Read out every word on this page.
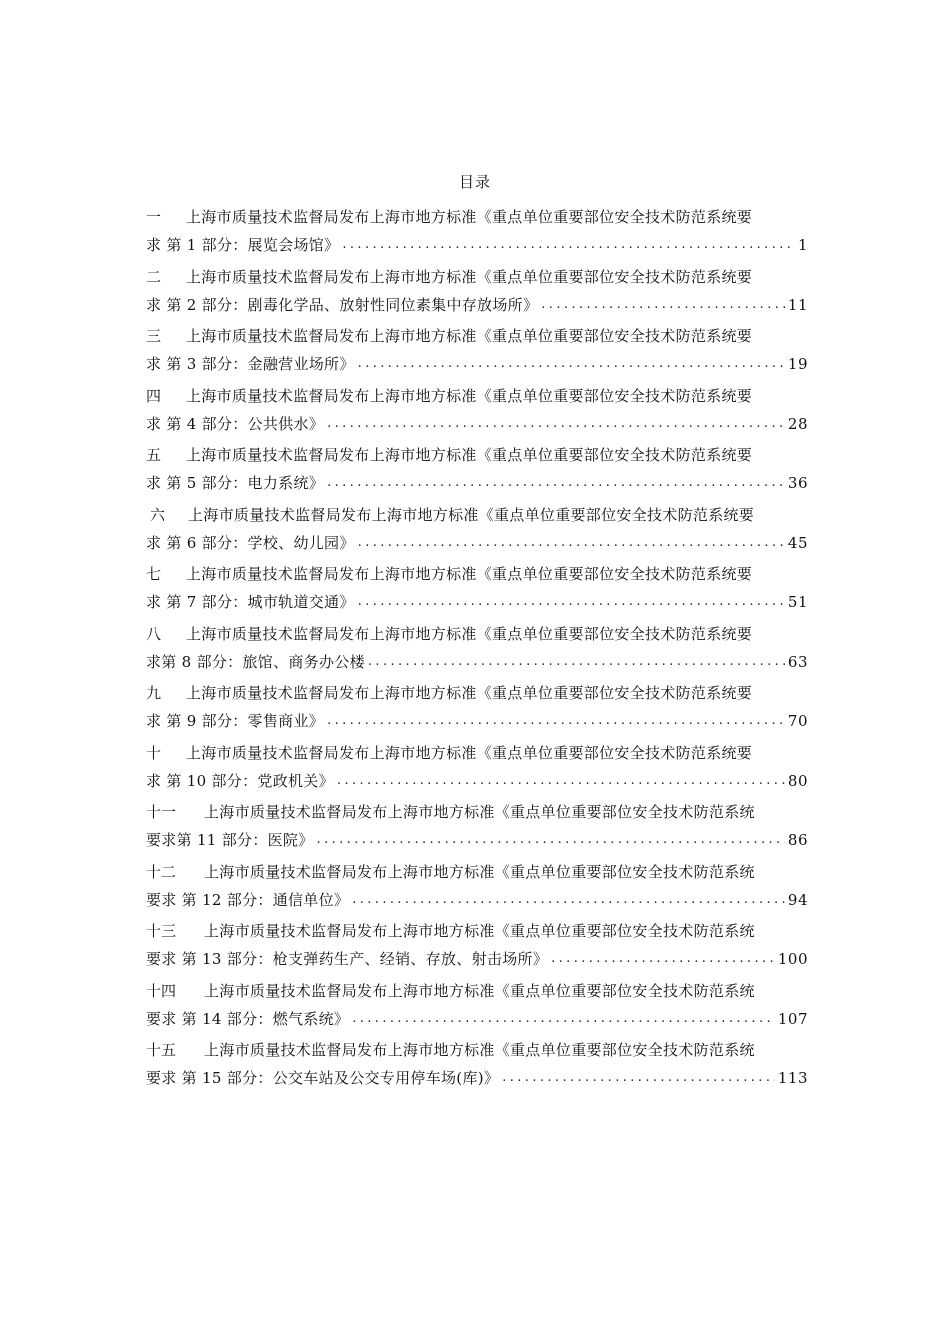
目录
一	上海市质量技术监督局发布上海市地方标准《重点单位重要部位安全技术防范系统要
求 第 1 部分：展览会场馆》 .....	1
二	上海市质量技术监督局发布上海市地方标准《重点单位重要部位安全技术防范系统要
求 第 2 部分：剧毒化学品、放射性同位素集中存放场所》 .....	11
三	上海市质量技术监督局发布上海市地方标准《重点单位重要部位安全技术防范系统要
求 第 3 部分：金融营业场所》 .....	19
四	上海市质量技术监督局发布上海市地方标准《重点单位重要部位安全技术防范系统要
求 第 4 部分：公共供水》 .....	28
五	上海市质量技术监督局发布上海市地方标准《重点单位重要部位安全技术防范系统要
求 第 5 部分：电力系统》 .....	36
六	上海市质量技术监督局发布上海市地方标准《重点单位重要部位安全技术防范系统要
求 第 6 部分：学校、幼儿园》 .....	45
七	上海市质量技术监督局发布上海市地方标准《重点单位重要部位安全技术防范系统要
求 第 7 部分：城市轨道交通》 .....	51
八	上海市质量技术监督局发布上海市地方标准《重点单位重要部位安全技术防范系统要
求第 8 部分：旅馆、商务办公楼 .....	63
九	上海市质量技术监督局发布上海市地方标准《重点单位重要部位安全技术防范系统要
求 第 9 部分：零售商业》 .....	70
十	上海市质量技术监督局发布上海市地方标准《重点单位重要部位安全技术防范系统要
求 第 10 部分：党政机关》 .....	80
十一	上海市质量技术监督局发布上海市地方标准《重点单位重要部位安全技术防范系统
要求第 11 部分：医院》 .....	86
十二	上海市质量技术监督局发布上海市地方标准《重点单位重要部位安全技术防范系统
要求 第 12 部分：通信单位》 .....	94
十三	上海市质量技术监督局发布上海市地方标准《重点单位重要部位安全技术防范系统
要求 第 13 部分：枪支弹药生产、经销、存放、射击场所》 .....	100
十四	上海市质量技术监督局发布上海市地方标准《重点单位重要部位安全技术防范系统
要求 第 14 部分：燃气系统》 .....	107
十五	上海市质量技术监督局发布上海市地方标准《重点单位重要部位安全技术防范系统
要求 第 15 部分：公交车站及公交专用停车场(库)》 .....	113
